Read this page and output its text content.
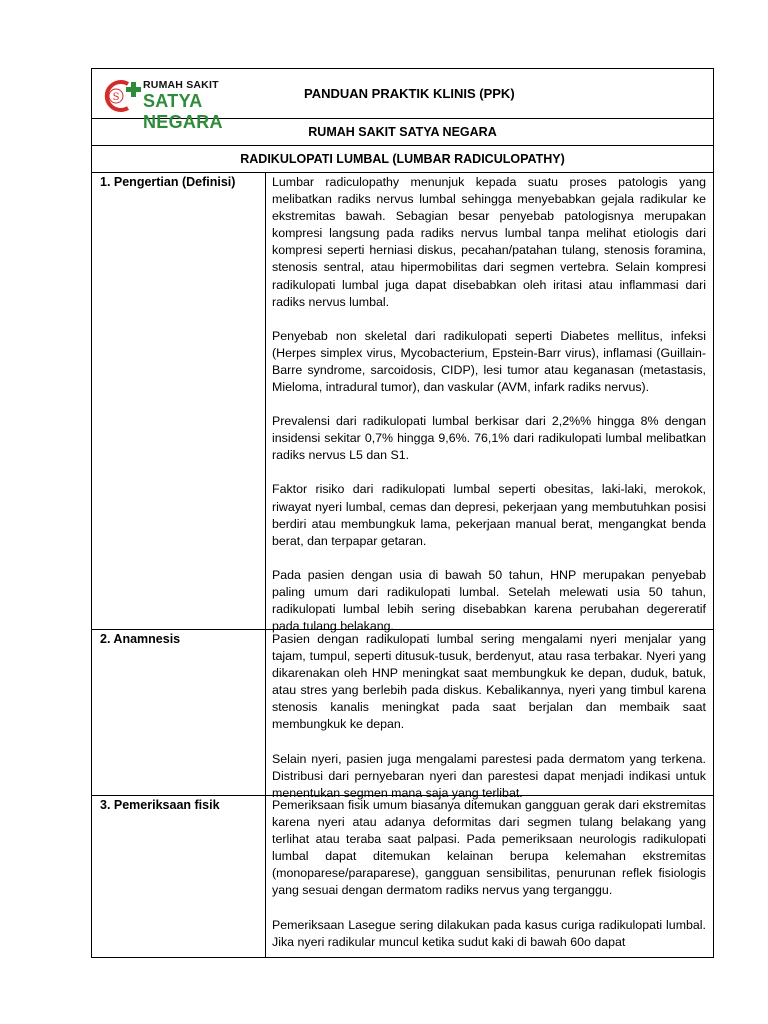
S
RUMAH SAKIT
SATYA NEGARA
PANDUAN PRAKTIK KLINIS (PPK)
RUMAH SAKIT SATYA NEGARA
RADIKULOPATI LUMBAL (LUMBAR RADICULOPATHY)
1. Pengertian (Definisi)	Lumbar radiculopathy menunjuk kepada suatu proses patologis yang melibatkan radiks nervus lumbal sehingga menyebabkan gejala radikular ke ekstremitas bawah. Sebagian besar penyebab patologisnya merupakan kompresi langsung pada radiks nervus lumbal tanpa melihat etiologis dari kompresi seperti herniasi diskus, pecahan/patahan tulang, stenosis foramina, stenosis sentral, atau hipermobilitas dari segmen vertebra. Selain kompresi radikulopati lumbal juga dapat disebabkan oleh iritasi atau inflammasi dari radiks nervus lumbal.

Penyebab non skeletal dari radikulopati seperti Diabetes mellitus, infeksi (Herpes simplex virus, Mycobacterium, Epstein-Barr virus), inflamasi (Guillain-Barre syndrome, sarcoidosis, CIDP), lesi tumor atau keganasan (metastasis, Mieloma, intradural tumor), dan vaskular (AVM, infark radiks nervus).

Prevalensi dari radikulopati lumbal berkisar dari 2,2%% hingga 8% dengan insidensi sekitar 0,7% hingga 9,6%. 76,1% dari radikulopati lumbal melibatkan radiks nervus L5 dan S1.

Faktor risiko dari radikulopati lumbal seperti obesitas, laki-laki, merokok, riwayat nyeri lumbal, cemas dan depresi, pekerjaan yang membutuhkan posisi berdiri atau membungkuk lama, pekerjaan manual berat, mengangkat benda berat, dan terpapar getaran.

Pada pasien dengan usia di bawah 50 tahun, HNP merupakan penyebab paling umum dari radikulopati lumbal. Setelah melewati usia 50 tahun, radikulopati lumbal lebih sering disebabkan karena perubahan degereratif pada tulang belakang.

2. Anamnesis	Pasien dengan radikulopati lumbal sering mengalami nyeri menjalar yang tajam, tumpul, seperti ditusuk-tusuk, berdenyut, atau rasa terbakar. Nyeri yang dikarenakan oleh HNP meningkat saat membungkuk ke depan, duduk, batuk, atau stres yang berlebih pada diskus. Kebalikannya, nyeri yang timbul karena stenosis kanalis meningkat pada saat berjalan dan membaik saat membungkuk ke depan.

Selain nyeri, pasien juga mengalami parestesi pada dermatom yang terkena. Distribusi dari pernyebaran nyeri dan parestesi dapat menjadi indikasi untuk menentukan segmen mana saja yang terlibat.

3. Pemeriksaan fisik	Pemeriksaan fisik umum biasanya ditemukan gangguan gerak dari ekstremitas karena nyeri atau adanya deformitas dari segmen tulang belakang yang terlihat atau teraba saat palpasi. Pada pemeriksaan neurologis radikulopati lumbal dapat ditemukan kelainan berupa kelemahan ekstremitas (monoparese/paraparese), gangguan sensibilitas, penurunan reflek fisiologis yang sesuai dengan dermatom radiks nervus yang terganggu.

Pemeriksaan Lasegue sering dilakukan pada kasus curiga radikulopati lumbal. Jika nyeri radikular muncul ketika sudut kaki di bawah 60o dapat
